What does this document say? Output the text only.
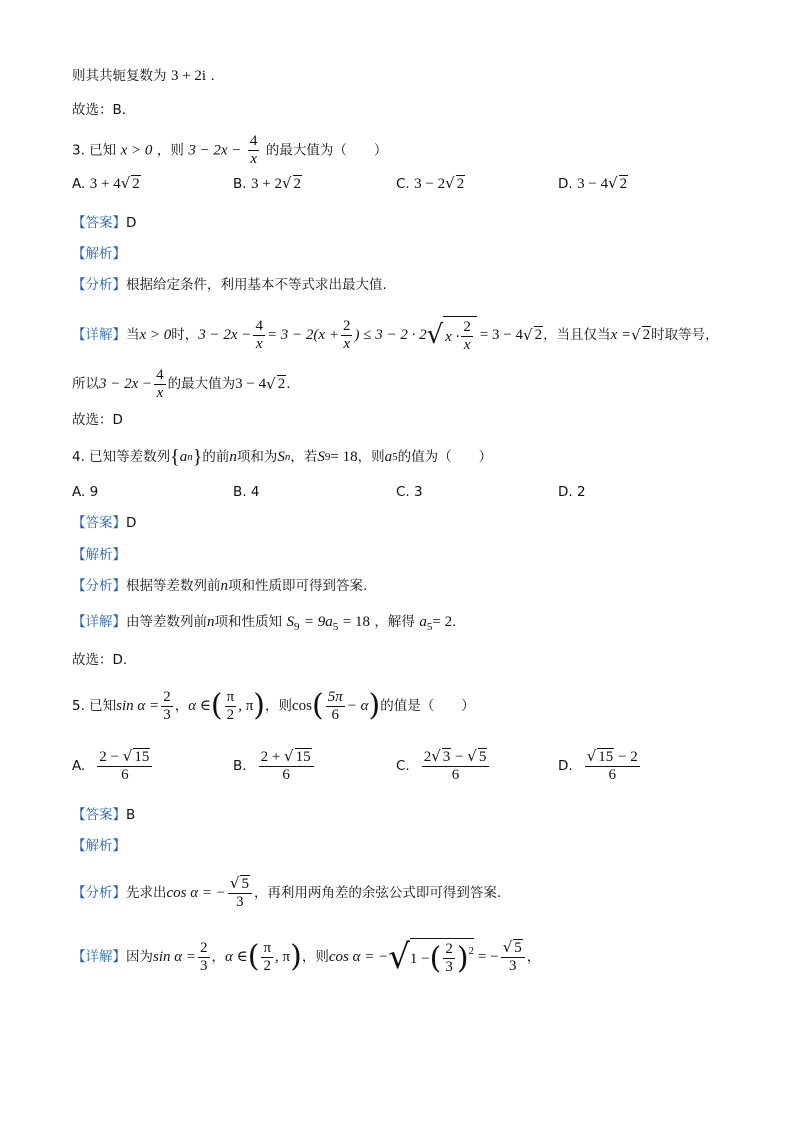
则其共轭复数为 3 + 2i .
故选：B.
3. 已知 x > 0 ，则 $3 - 2x - \frac{4}{x}$ 的最大值为（　　）
A. 3 + 4√ 2	B. 3 + 2√ 2	C. 3 − 2√ 2	D. 3 − 4√ 2
【答案】D
【解析】
【分析】根据给定条件，利用基本不等式求出最大值.
【详解】 当 x > 0 时， $3 - 2x - \frac{4}{x} = 3 - 2(x + \frac{2}{x}$ ) ≤ 3 − 2 · 2 √ $x \cdot \frac{2}{x} = 3 - 4$ √ 2 ，当且仅当 x = √ 2 时取等号，
所以 $3 - 2x - \frac{4}{x}$ 的最大值为 3 − 4 √ 2 .
故选：D
4. 已知等差数列 { a n } 的前 n 项和为 S n ，若 S 9 = 18 ，则 a 5 的值为（　　）
A. 9	B. 4	C. 3	D. 2
【答案】D
【解析】
【分析】根据等差数列前n项和性质即可得到答案.
【详解】由等差数列前n项和性质知 $S_9 = 9a_5 = 18$ ，解得 $a_5= 2$.
故选：D.
5. 已知 $\sin \alpha = \frac{2}{3}$ ， α ∈ ( $\frac{\pi}{2}$ , π ) ，则 cos ( $\frac{5\pi}{6} - \alpha$ ) 的值是（　　）
A. $\frac{2 - √ 15}{6}$	B. $\frac{2 + √ 15}{6}$	C. $\frac{2√ 3 - √ 5}{6}$	D. $\frac{√ 15 - 2}{6}$
【答案】B
【解析】
【分析】 先求出 cos α = − $\frac{√ 5}{3}$ ，再利用两角差的余弦公式即可得到答案.
【详解】 因为 $\sin \alpha = \frac{2}{3}$ ， α ∈ ( $\frac{\pi}{2}$ , π ) ，则 cos α = − √ 1 − ( $\frac{2}{3} )^2$ = − $\frac{√ 5}{3}$ ，
